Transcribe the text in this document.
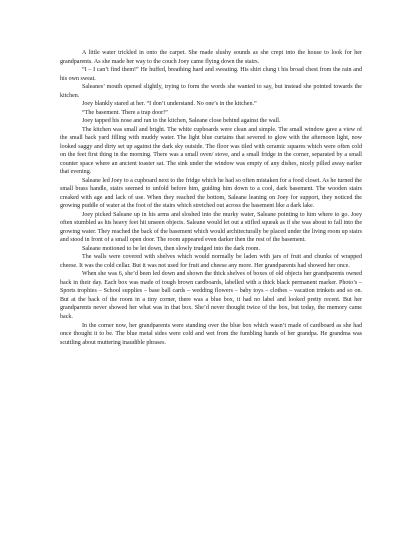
A little water trickled in onto the carpet. She made slushy sounds as she crept into the house to look for her grandparents. As she made her way to the couch Joey came flying down the stairs.

“I – I can’t find them!” He huffed, breathing hard and sweating. His shirt clung t his broad chest from the rain and his own sweat.

Saleanes’ mouth opened slightly, trying to form the words she wanted to say, but instead she pointed towards the kitchen.

Joey blankly stared at her. “I don’t understand. No one’s in the kitchen.”

“The basement. There a trap door!”

Joey tapped his nose and ran to the kitchen, Saleane close behind against the wall.

The kitchen was small and bright. The white cupboards were clean and simple. The small window gave a view of the small back yard filling with muddy water. The light blue curtains that severed to glow with the afternoon light, now looked saggy and dirty set up against the dark sky outside. The floor was tiled with ceramic squares which were often cold on the feet first thing in the morning. There was a small oven/ stove, and a small fridge in the corner, separated by a small counter space where an ancient toaster sat. The sink under the window was empty of any dishes, nicely pilled away earlier that evening.

Saleane led Joey to a cupboard next to the fridge which he had so often mistaken for a food closet. As he turned the small brass handle, stairs seemed to unfold before him, guiding him down to a cool, dark basement. The wooden stairs creaked with age and lack of use. When they reached the bottom, Saleane leaning on Joey for support, they noticed the growing puddle of water at the foot of the stairs which stretched out across the basement like a dark lake.

Joey picked Saleane up in his arms and sloshed into the murky water, Saleane pointing to him where to go. Joey often stumbled as his heavy feet hit unseen objects. Saleane would let out a stifled squeak as if she was about to fall into the growing water. They reached the back of the basement which would architecturally be placed under the living room up stairs and stood in front of a small open door. The room appeared even darker then the rest of the basement.

Saleane motioned to be let down, then slowly trudged into the dark room.

The walls were covered with shelves which would normally be laden with jars of fruit and chunks of wrapped cheese. It was the cold cellar. But it was not used for fruit and cheese any more. Her grandparents had showed her once.

When she was 6, she’d been led down and shown the thick shelves of boxes of old objects her grandparents owned back in their day. Each box was made of tough brown cardboards, labelled with a thick black permanent marker. Photo’s – Sports trophies – School supplies – base ball cards – wedding flowers – baby toys – clothes – vacation trinkets and so on. But at the back of the room in a tiny corner, there was a blue box, it had no label and looked pretty recent. But her grandparents never showed her what was in that box. She’d never thought twice of the box, but today, the memory came back.

In the corner now, her grandparents were standing over the blue box which wasn’t made of cardboard as she had once thought it to be. The blue metal sides were cold and wet from the fumbling hands of her grandpa. He grandma was scuttling about muttering inaudible phrases.
